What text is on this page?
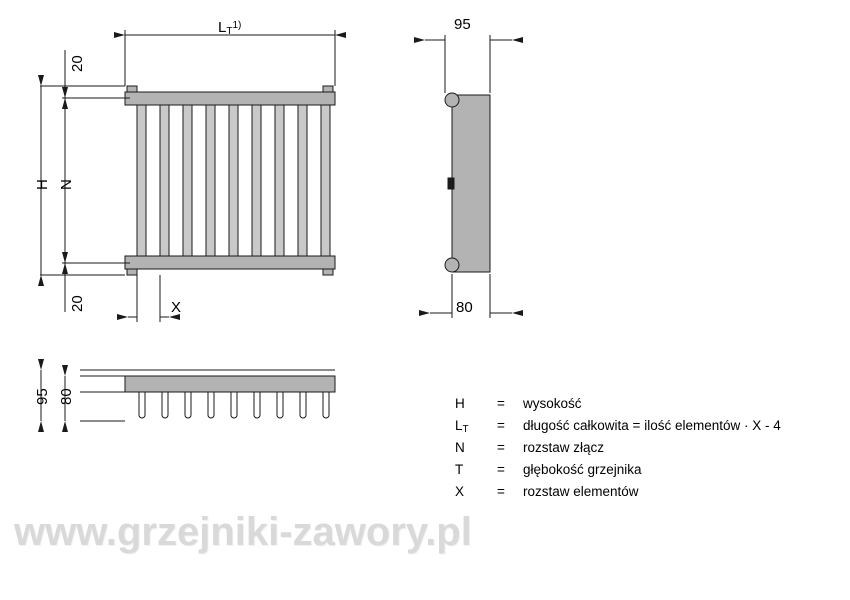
$L_T^{1)}$
20
20
H N
X
95
80
95 80	H	=	wysokość
$L_T$	=	długość całkowita = ilość elementów · X - 4
N	=	rozstaw złącz
T	=	głębokość grzejnika
X	=	rozstaw elementów
www.grzejniki-zawory.pl
